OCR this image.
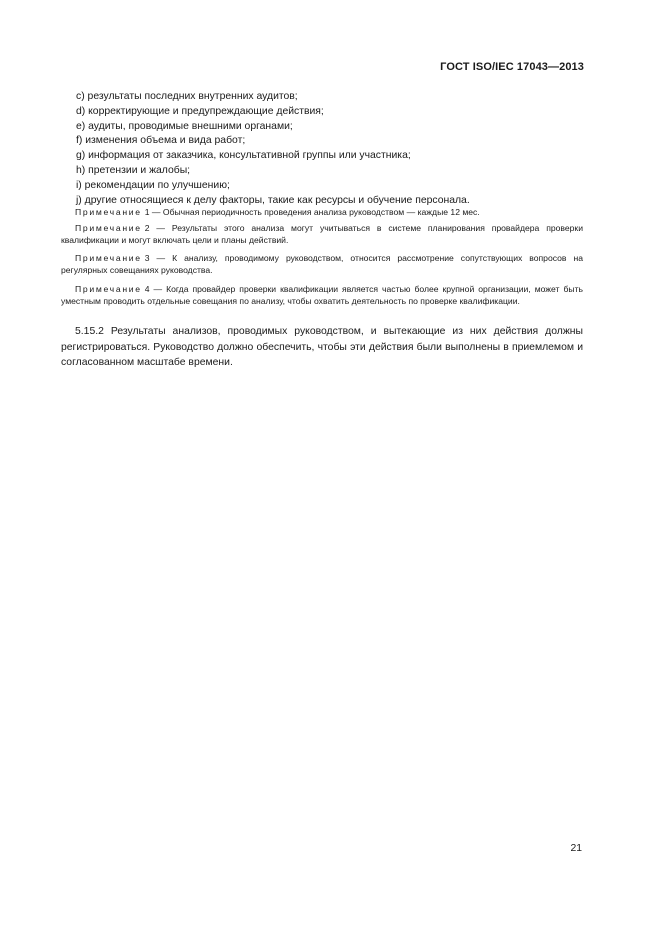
ГОСТ ISO/IEC 17043—2013
c) результаты последних внутренних аудитов;
d) корректирующие и предупреждающие действия;
e) аудиты, проводимые внешними органами;
f) изменения объема и вида работ;
g) информация от заказчика, консультативной группы или участника;
h) претензии и жалобы;
i) рекомендации по улучшению;
j) другие относящиеся к делу факторы, такие как ресурсы и обучение персонала.
Примечание 1 — Обычная периодичность проведения анализа руководством — каждые 12 мес.
Примечание 2 — Результаты этого анализа могут учитываться в системе планирования провайдера проверки квалификации и могут включать цели и планы действий.
Примечание 3 — К анализу, проводимому руководством, относится рассмотрение сопутствующих вопросов на регулярных совещаниях руководства.
Примечание 4 — Когда провайдер проверки квалификации является частью более крупной организации, может быть уместным проводить отдельные совещания по анализу, чтобы охватить деятельность по проверке квалификации.
5.15.2 Результаты анализов, проводимых руководством, и вытекающие из них действия должны регистрироваться. Руководство должно обеспечить, чтобы эти действия были выполнены в приемлемом и согласованном масштабе времени.
21
